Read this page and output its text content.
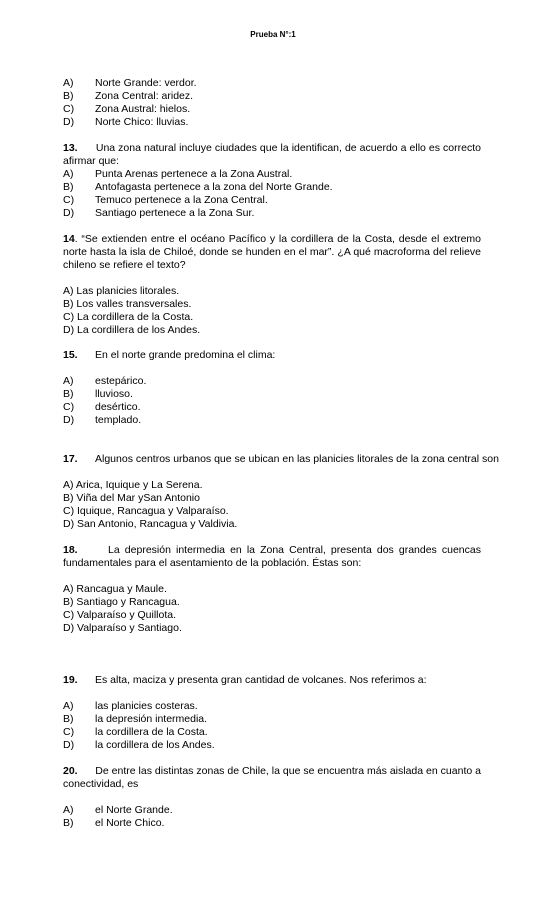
Prueba N°:1
A) Norte Grande: verdor.
B) Zona Central: aridez.
C) Zona Austral: hielos.
D) Norte Chico: lluvias.
13. Una zona natural incluye ciudades que la identifican, de acuerdo a ello es correcto afirmar que:
A) Punta Arenas pertenece a la Zona Austral.
B) Antofagasta pertenece a la zona del Norte Grande.
C) Temuco pertenece a la Zona Central.
D) Santiago pertenece a la Zona Sur.
14. “Se extienden entre el océano Pacífico y la cordillera de la Costa, desde el extremo norte hasta la isla de Chiloé, donde se hunden en el mar”. ¿A qué macroforma del relieve chileno se refiere el texto?
A) Las planicies litorales.
B) Los valles transversales.
C) La cordillera de la Costa.
D) La cordillera de los Andes.
15. En el norte grande predomina el clima:
A) estepárico.
B) lluvioso.
C) desértico.
D) templado.
17. Algunos centros urbanos que se ubican en las planicies litorales de la zona central son
A) Arica, Iquique y La Serena.
B) Viña del Mar ySan Antonio
C) Iquique, Rancagua y Valparaíso.
D) San Antonio, Rancagua y Valdivia.
18.	La depresión intermedia en la Zona Central, presenta dos grandes cuencas fundamentales para el asentamiento de la población. Éstas son:
A) Rancagua y Maule.
B) Santiago y Rancagua.
C) Valparaíso y Quillota.
D) Valparaíso y Santiago.
19. Es alta, maciza y presenta gran cantidad de volcanes. Nos referimos a:
A) las planicies costeras.
B) la depresión intermedia.
C) la cordillera de la Costa.
D) la cordillera de los Andes.
20. De entre las distintas zonas de Chile, la que se encuentra más aislada en cuanto a conectividad, es
A) el Norte Grande.
B) el Norte Chico.
